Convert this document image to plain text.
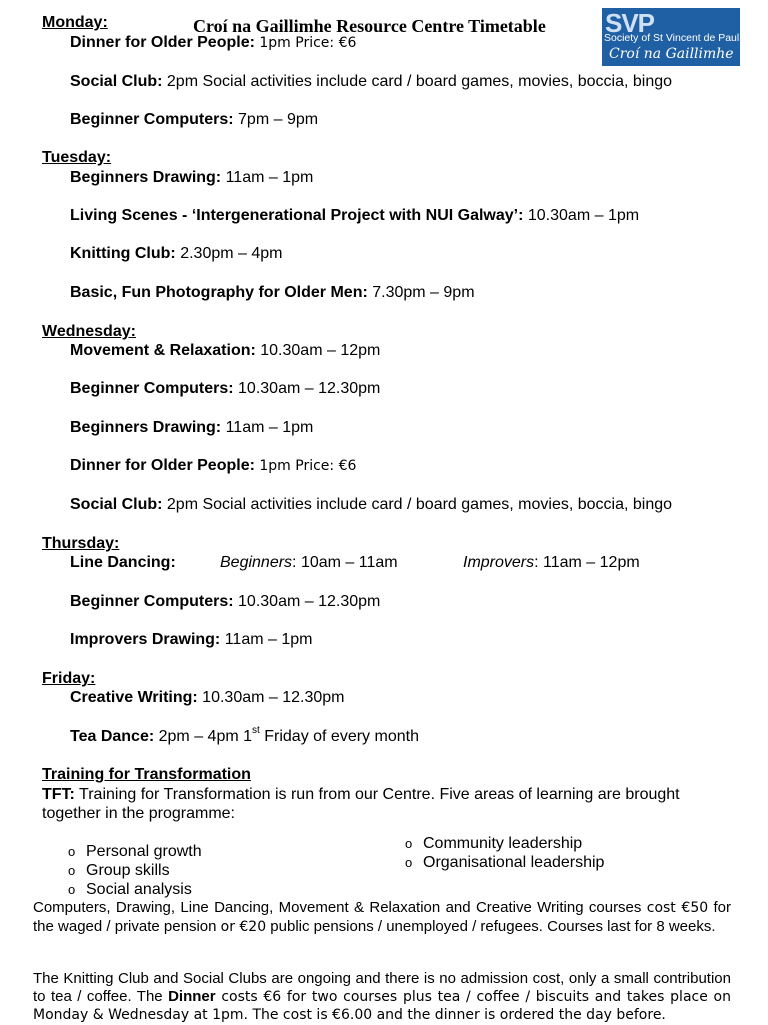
Croí na Gaillimhe Resource Centre Timetable SVP
Society of St Vincent de Paul
Croí na Gaillimhe
Monday:
Dinner for Older People: 1pm Price: €6
Social Club: 2pm Social activities include card / board games, movies, boccia, bingo
Beginner Computers: 7pm – 9pm
Tuesday:
Beginners Drawing: 11am – 1pm
Living Scenes - ‘Intergenerational Project with NUI Galway’: 10.30am – 1pm
Knitting Club: 2.30pm – 4pm
Basic, Fun Photography for Older Men: 7.30pm – 9pm
Wednesday:
Movement & Relaxation: 10.30am – 12pm
Beginner Computers: 10.30am – 12.30pm
Beginners Drawing: 11am – 1pm
Dinner for Older People: 1pm Price: €6
Social Club: 2pm Social activities include card / board games, movies, boccia, bingo
Thursday:
Line Dancing:	Beginners: 10am – 11am	Improvers: 11am – 12pm
Beginner Computers: 10.30am – 12.30pm
Improvers Drawing: 11am – 1pm
Friday:
Creative Writing: 10.30am – 12.30pm
Tea Dance: 2pm – 4pm 1st Friday of every month
Training for Transformation
TFT: Training for Transformation is run from our Centre. Five areas of learning are brought
together in the programme:
o Personal growth
o Group skills
o Social analysis
o Community leadership
o Organisational leadership
Computers, Drawing, Line Dancing, Movement & Relaxation and Creative Writing courses cost €50 for the waged / private pension or €20 public pensions / unemployed / refugees. Courses last for 8 weeks.
The Knitting Club and Social Clubs are ongoing and there is no admission cost, only a small contribution to tea / coffee. The Dinner costs €6 for two courses plus tea / coffee / biscuits and takes place on Monday & Wednesday at 1pm. The cost is €6.00 and the dinner is ordered the day before.
